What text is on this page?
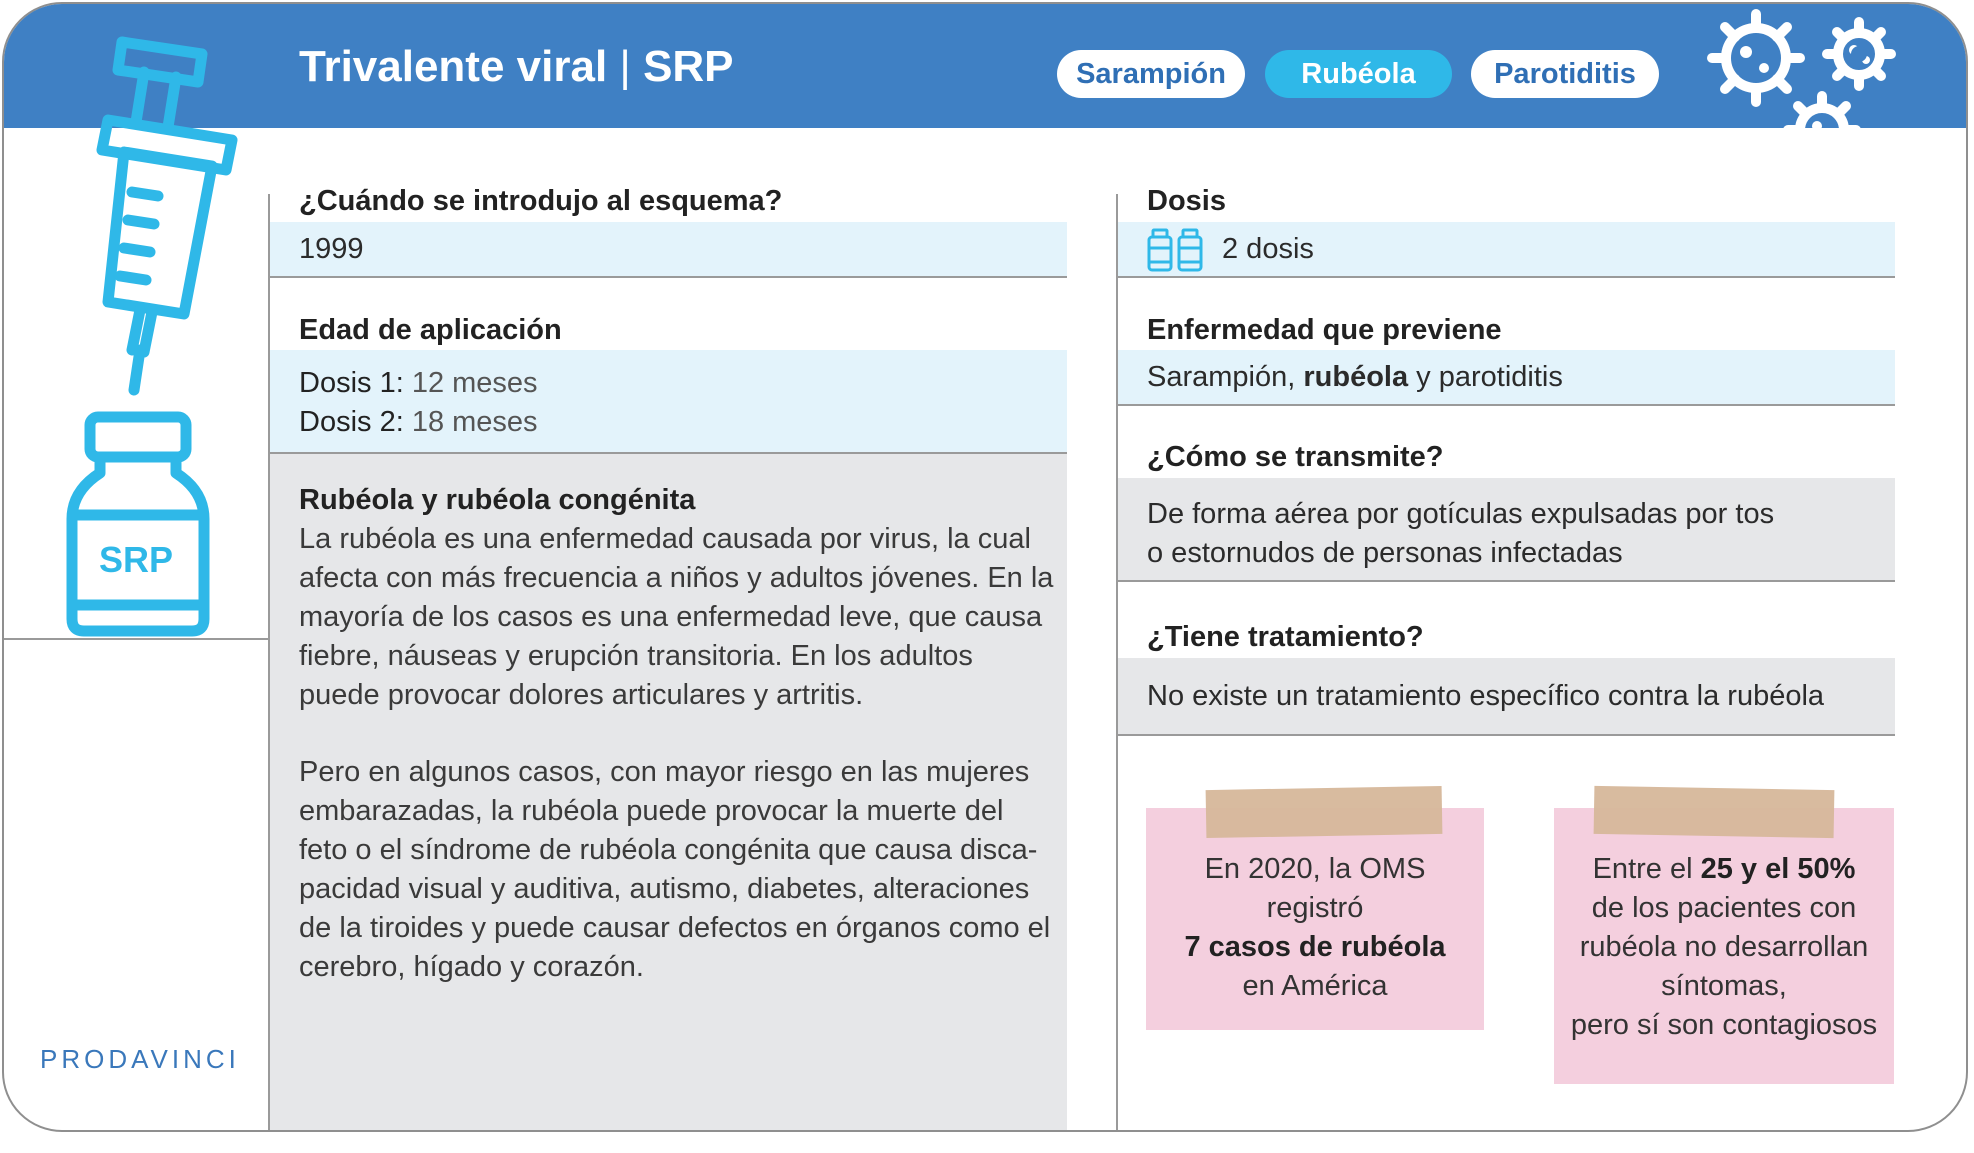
Trivalente viral | SRP	Sarampión	Rubéola	Parotiditis
SRP
¿Cuándo se introdujo al esquema?
1999
Edad de aplicación
Dosis 1: 12 meses
Dosis 2: 18 meses
Rubéola y rubéola congénita
La rubéola es una enfermedad causada por virus, la cual
afecta con más frecuencia a niños y adultos jóvenes. En la
mayoría de los casos es una enfermedad leve, que causa
fiebre, náuseas y erupción transitoria. En los adultos
puede provocar dolores articulares y artritis.
Pero en algunos casos, con mayor riesgo en las mujeres
embarazadas, la rubéola puede provocar la muerte del
feto o el síndrome de rubéola congénita que causa disca-
pacidad visual y auditiva, autismo, diabetes, alteraciones
de la tiroides y puede causar defectos en órganos como el
cerebro, hígado y corazón.
Dosis
2 dosis
Enfermedad que previene
Sarampión, rubéola y parotiditis
¿Cómo se transmite?
De forma aérea por gotículas expulsadas por tos
o estornudos de personas infectadas
¿Tiene tratamiento?
No existe un tratamiento específico contra la rubéola
En 2020, la OMS
registró
7 casos de rubéola
en América
Entre el 25 y el 50%
de los pacientes con
rubéola no desarrollan
síntomas,
pero sí son contagiosos
PRODAVINCI
